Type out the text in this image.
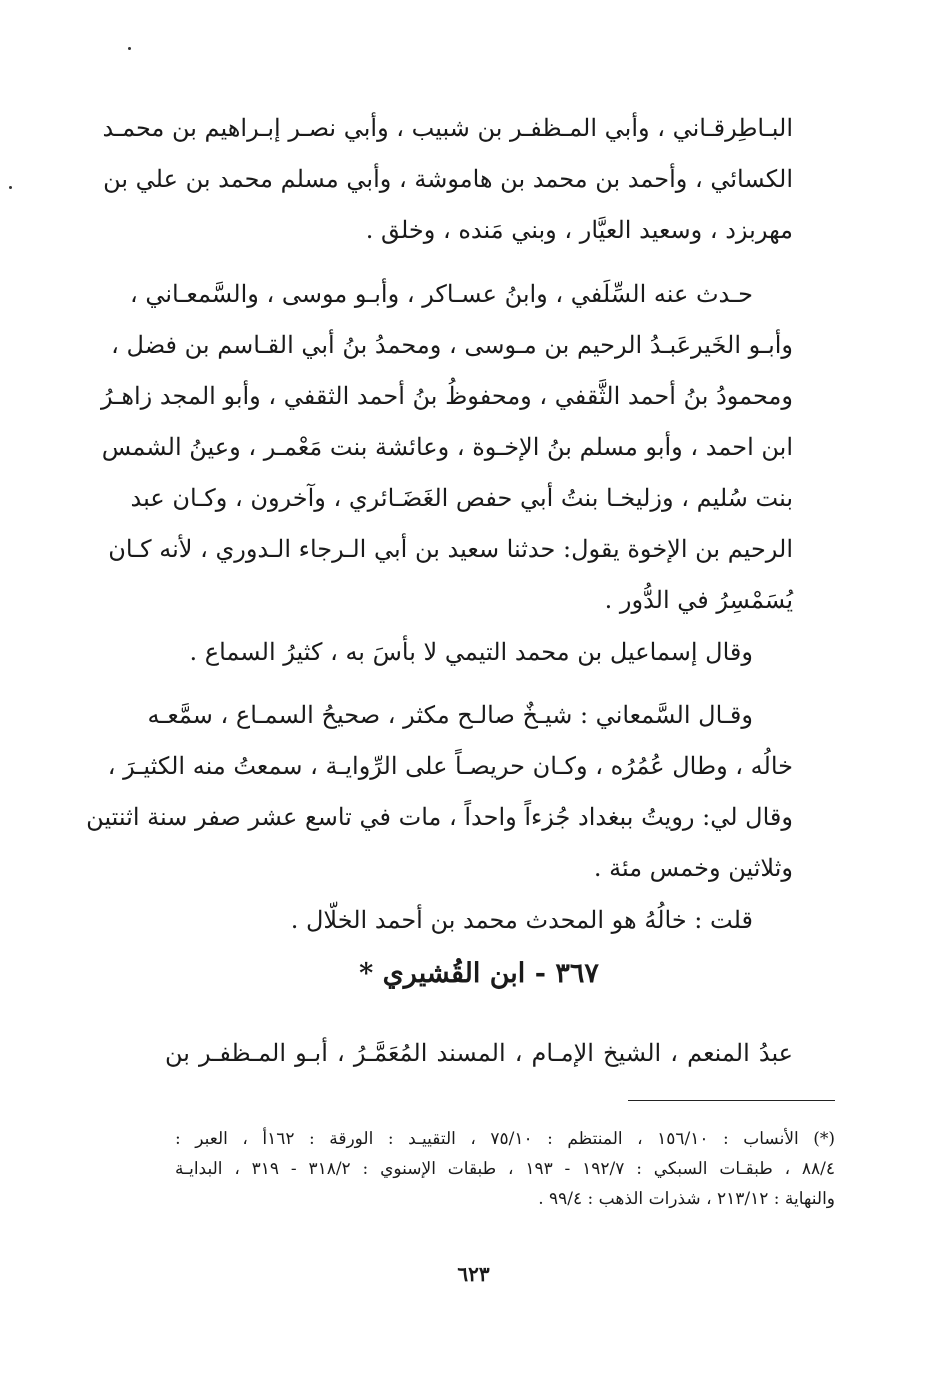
البـاطِرقـاني ، وأبي المـظفـر بن شبيب ، وأبي نصـر إبـراهيم بن محمـد
الكسائي ، وأحمد بن محمد بن هاموشة ، وأبي مسلم محمد بن علي بن
مهربزد ، وسعيد العيَّار ، وبني مَنده ، وخلق .
حـدث عنه السِّلَفي ، وابنُ عسـاكر ، وأبـو موسى ، والسَّمعـاني ،
وأبـو الخَيرعَبـدُ الرحيم بن مـوسى ، ومحمدُ بنُ أبي القـاسم بن فضل ،
ومحمودُ بنُ أحمد الثَّقفي ، ومحفوظُ بنُ أحمد الثقفي ، وأبو المجد زاهـرُ
ابن احمد ، وأبو مسلم بنُ الإخـوة ، وعائشة بنت مَعْمـر ، وعينُ الشمس
بنت سُليم ، وزليخـا بنتُ أبي حفص الغَضَـائري ، وآخرون ، وكـان عبد
الرحيم بن الإخوة يقول: حدثنا سعيد بن أبي الـرجاء الـدوري ، لأنه كـان
يُسَمْسِرُ في الدُّور .
وقال إسماعيل بن محمد التيمي لا بأسَ به ، كثيرُ السماع .
وقـال السَّمعاني : شيـخٌ صالـح مكثر ، صحيحُ السمـاع ، سمَّعـه
خالُه ، وطال عُمُرُه ، وكـان حريصـاً على الرِّوايـة ، سمعتُ منه الكثيـرَ ،
وقال لي: رويتُ ببغداد جُزءاً واحداً ، مات في تاسع عشر صفر سنة اثنتين
وثلاثين وخمس مئة .
قلت : خالُهُ هو المحدث محمد بن أحمد الخلّال .
٣٦٧ - ابن القُشيري *
عبدُ المنعم ، الشيخ الإمـام ، المسند المُعَمَّـرُ ، أبـو المـظفـر بن
(*) الأنساب : ١٥٦/١٠ ، المنتظم : ٧٥/١٠ ، التقييـد : الورقة : ١٦٢أ ، العبر :
٨٨/٤ ، طبقـات السبكي : ١٩٢/٧ - ١٩٣ ، طبقات الإسنوي : ٣١٨/٢ - ٣١٩ ، البدايـة
والنهاية : ٢١٣/١٢ ، شذرات الذهب : ٩٩/٤ .
٦٢٣
